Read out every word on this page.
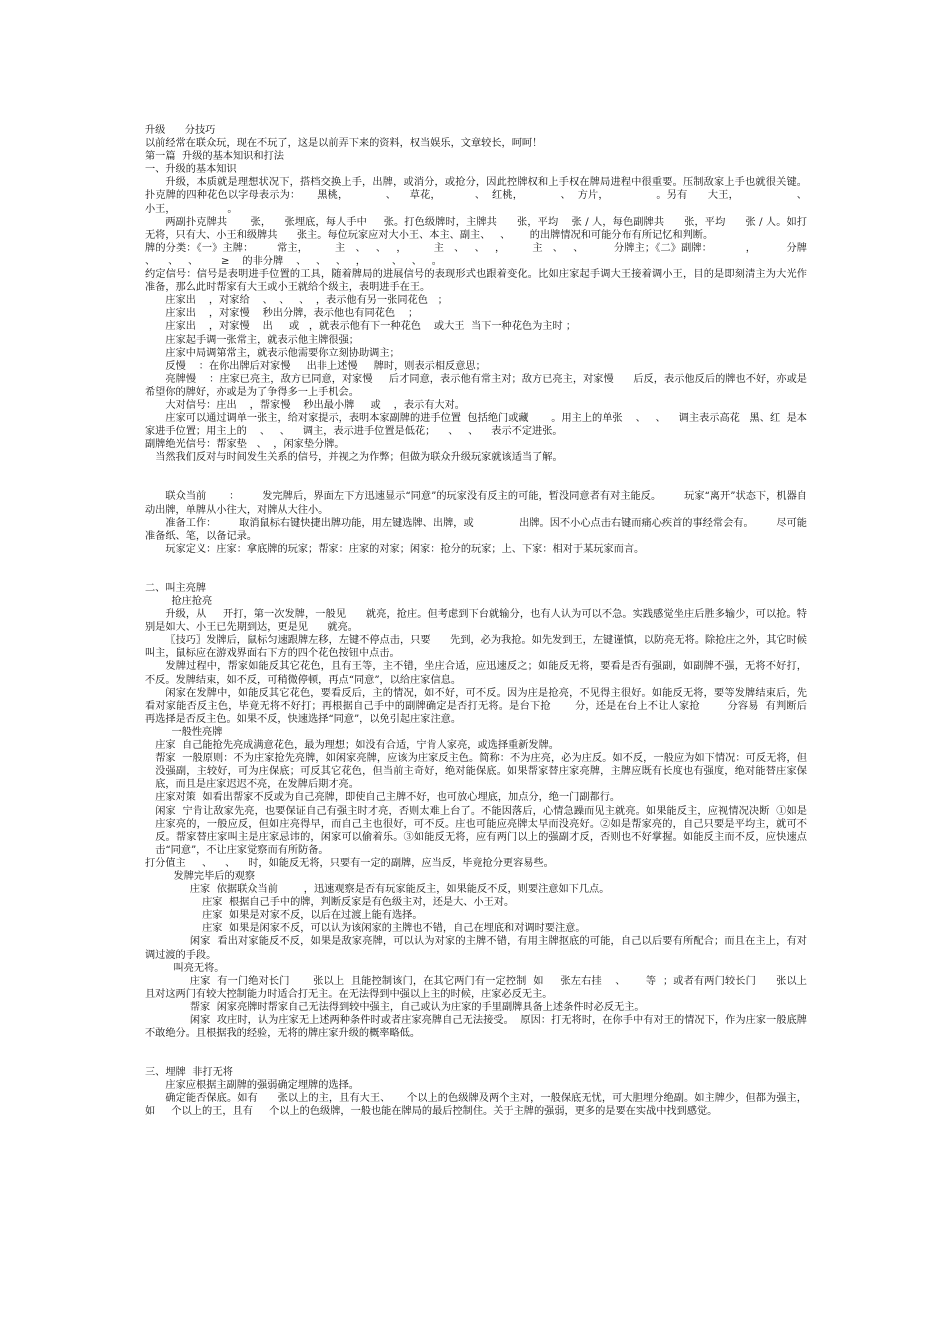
升级      分技巧

以前经常在联众玩，现在不玩了，这是以前弄下来的资料，权当娱乐，文章较长，呵呵！

第一篇  升级的基本知识和打法

一、升级的基本知识

升级，本质就是理想状况下，搭档交换上手，出牌，或消分，或抢分，因此控牌权和上手权在牌局进程中很重要。压制敌家上手也就很关键。扑克牌的四种花色以字母表示为：     黑桃，           、    草花，          、  红桃，           、  方片，              。另有      大王，                 、          小王，                。

两副扑克牌共       张，    张埋底，每人手中     张。打色级牌时，主牌共      张，平均    张 / 人，每色副牌共      张，平均      张 / 人。如打无将，只有大、小王和级牌共      张主。每位玩家应对大小王、本主、副主、   、      的出牌情况和可能分布有所记忆和判断。

牌的分类：《一》主牌：       常主，        主   、   、   ，        主   、   、   ，        主   、   、         分牌主；《二》副牌：          ，         分牌    、    、   、       ≥    的非分牌    、   、   、   ，        、   、   。

约定信号：信号是表明进手位置的工具，随着牌局的进展信号的表现形式也跟着变化。比如庄家起手调大王接着调小王，目的是即刻清主为大光作准备，那么此时帮家有大王或小王就给个级主，表明进手在王。

庄家出    ，对家给    、  、   、  ，表示他有另一张同花色   ；

庄家出    ，对家慢    秒出分牌，表示他也有同花色    ；

庄家出    ，对家慢    出     或   ，就表示他有下一种花色    或大王  当下一种花色为主时 ；

庄家起手调一张常主，就表示他主牌很强；

庄家中局调第常主，就表示他需要你立刻协助调主；

反慢    ：在你出牌后对家慢     出非上述慢     牌时，则表示相反意思；

亮牌慢    ：庄家已亮主，敌方已同意，对家慢     后才同意，表示他有常主对；敌方已亮主，对家慢      后反，表示他反后的牌也不好，亦或是希望你的牌好，亦或是为了争得多一上手机会。

大对信号：庄出    ，帮家慢    秒出最小牌     或    ，表示有大对。

庄家可以通过调单一张主，给对家提示，表明本家副牌的进手位置  包括绝门或藏       。用主上的单张    、   、    调主表示高花   黑、红  是本家进手位置；用主上的    、   、    调主，表示进手位置是低花；    、   、    表示不定进张。

副牌绝光信号：帮家垫   、  ，闲家垫分牌。

当然我们反对与时间发生关系的信号，并视之为作弊；但做为联众升级玩家就该适当了解。

联众当前       ：       发完牌后，界面左下方迅速显示“同意”的玩家没有反主的可能，暂没同意者有对主能反。       玩家“离开”状态下，机器自动出牌，单牌从小往大，对牌从大往小。

准备工作：       取消鼠标右键快捷出牌功能，用左键选牌、出牌，或              出牌。因不小心点击右键而痛心疾首的事经常会有。       尽可能准备纸、笔，以备记录。

玩家定义：庄家：拿底牌的玩家；帮家：庄家的对家；闲家：抢分的玩家；上、下家：相对于某玩家而言。

二、叫主亮牌

抢庄抢亮

升级，从     开打，第一次发牌，一般见      就亮，抢庄。但考虑到下台就输分，也有人认为可以不急。实践感觉坐庄后胜多输少，可以抢。特别是如大、小王已先期到达，更是见      就亮。

〖技巧〗发牌后，鼠标匀速跟牌左移，左键不停点击，只要      先到，必为我抢。如先发到王，左键谨慎，以防亮无将。除抢庄之外，其它时候叫主，鼠标应在游戏界面右下方的四个花色按钮中点击。

发牌过程中，帮家如能反其它花色，且有王等，主不错，坐庄合适，应迅速反之；如能反无将，要看是否有强副，如副牌不强，无将不好打，不反。发牌结束，如不反，可稍微停顿，再点“同意”，以给庄家信息。

闲家在发牌中，如能反其它花色，要看反后，主的情况，如不好，可不反。因为庄是抢亮，不见得主很好。如能反无将，要等发牌结束后，先看对家能否反主色，毕竟无将不好打；再根据自己手中的副牌确定是否打无将。是台下抢       分，还是在台上不让人家抢        分容易  有判断后  再选择是否反主色。如果不反，快速选择“同意”，以免引起庄家注意。

一般性亮牌

庄家  自己能抢先亮成满意花色，最为理想；如没有合适，宁肯人家亮，或选择重新发牌。

帮家  一般原则：不为庄家抢先亮牌，如闲家亮牌，应该为庄家反主色。简称：不为庄亮，必为庄反。如不反，一般应为如下情况：可反无将，但没强副，主较好，可为庄保底；可反其它花色，但当前主奇好，绝对能保底。如果帮家替庄家亮牌，主牌应既有长度也有强度，绝对能替庄家保底，而且是庄家迟迟不亮，在发牌后期才亮。

庄家对策  如看出帮家不反或为自己亮牌，即使自己主牌不好，也可放心埋底，加点分，绝一门副都行。

闲家  宁肯让敌家先亮，也要保证自己有强主时才亮，否则太难上台了。不能因落后，心情急躁而见主就亮。如果能反主，应视情况决断  ①如是庄家亮的，一般应反，但如庄亮得早，而自己主也很好，可不反。庄也可能应亮牌太早而没亮好。②如是帮家亮的，自己只要是平均主，就可不反。帮家替庄家叫主是庄家忌讳的，闲家可以偷着乐。③如能反无将，应有两门以上的强副才反，否则也不好掌握。如能反主而不反，应快速点击“同意”，不让庄家觉察而有所防备。

打分值主     、    、    时，如能反无将，只要有一定的副牌，应当反，毕竟抢分更容易些。

发牌完毕后的观察

庄家  依据联众当前        ，迅速观察是否有玩家能反主，如果能反不反，则要注意如下几点。

庄家  根据自己手中的牌，判断反家是有色级主对，还是大、小王对。

庄家  如果是对家不反，以后在过渡上能有选择。

庄家  如果是闲家不反，可以认为该闲家的主牌也不错，自己在埋底和对调时要注意。

闲家  看出对家能反不反，如果是敌家亮牌，可以认为对家的主牌不错，有用主牌抠底的可能，自己以后要有所配合；而且在主上，有对调过渡的手段。

叫亮无将。

庄家  有一门绝对长门       张以上  且能控制该门，在其它两门有一定控制  如     张左右挂    、      等  ；或者有两门较长门      张以上  且对这两门有较大控制能力时适合打无主。在无法得到中强以上主的时候，庄家必反无主。

帮家  闲家亮牌时帮家自己无法得到较中强主，自己或认为庄家的手里副牌具备上述条件时必反无主。

闲家  攻庄时，认为庄家无上述两种条件时或者庄家亮牌自己无法接受。  原因：打无将时，在你手中有对王的情况下，作为庄家一般底牌不敢绝分。且根据我的经验，无将的牌庄家升级的概率略低。

三、埋牌  非打无将

庄家应根据主副牌的强弱确定埋牌的选择。

确定能否保底。如有      张以上的主，且有大王、     个以上的色级牌及两个主对，一般保底无忧，可大胆埋分绝副。如主牌少，但都为强主，如     个以上的王，且有     个以上的色级牌，一般也能在牌局的最后控制住。关于主牌的强弱，更多的是要在实战中找到感觉。
